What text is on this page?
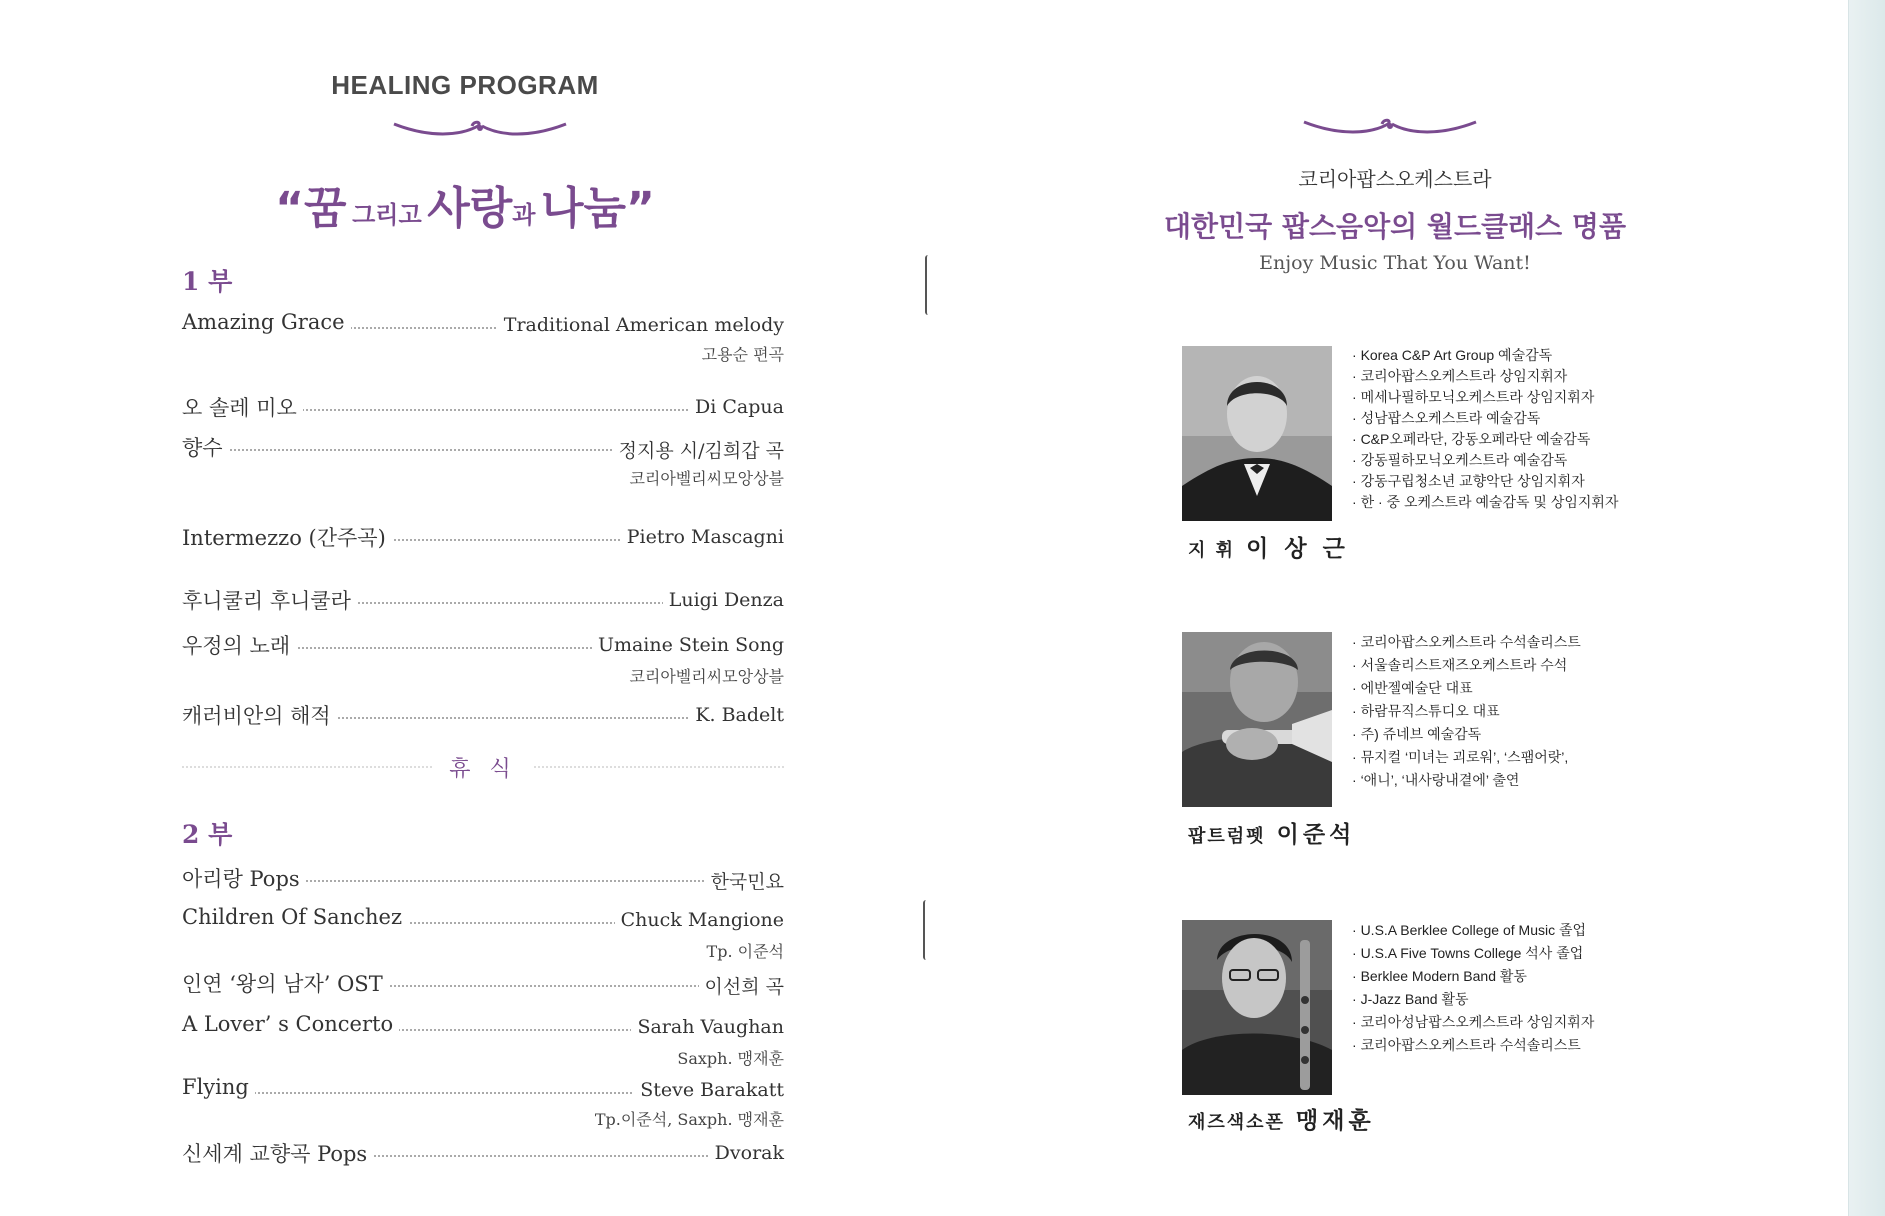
HEALING PROGRAM
“꿈 그리고 사랑과 나눔”
1 부
Amazing Grace	Traditional American melody
고용순 편곡
오 솔레 미오	Di Capua
향수	정지용 시/김희갑 곡
코리아벨리씨모앙상블
Intermezzo (간주곡)	Pietro Mascagni
후니쿨리 후니쿨라	Luigi Denza
우정의 노래	Umaine Stein Song
코리아벨리씨모앙상블
캐러비안의 해적	K. Badelt
휴 식
2 부
아리랑 Pops	한국민요
Children Of Sanchez	Chuck Mangione
Tp. 이준석
인연 ‘왕의 남자’ OST	이선희 곡
A Lover’ s Concerto	Sarah Vaughan
Saxph. 맹재훈
Flying	Steve Barakatt
Tp.이준석, Saxph. 맹재훈
신세계 교향곡 Pops	Dvorak
코리아팝스오케스트라
대한민국 팝스음악의 월드클래스 명품
Enjoy Music That You Want!
지 휘 이 상 근
· Korea C&P Art Group 예술감독
· 코리아팝스오케스트라 상임지휘자
· 메세나필하모닉오케스트라 상임지휘자
· 성남팝스오케스트라 예술감독
· C&P오페라단, 강동오페라단 예술감독
· 강동필하모닉오케스트라 예술감독
· 강동구립청소년 교향악단 상임지휘자
· 한 · 중 오케스트라 예술감독 및 상임지휘자
팝트럼펫 이준석
· 코리아팝스오케스트라 수석솔리스트
· 서울솔리스트재즈오케스트라 수석
· 에반젤예술단 대표
· 하람뮤직스튜디오 대표
· 주) 쥬네브 예술감독
· 뮤지컬 ‘미녀는 괴로워’, ‘스팸어랏’,
· ‘애니’, ‘내사랑내곁에’ 출연
재즈색소폰 맹재훈
· U.S.A Berklee College of Music 졸업
· U.S.A Five Towns College 석사 졸업
· Berklee Modern Band 활동
· J-Jazz Band 활동
· 코리아성남팝스오케스트라 상임지휘자
· 코리아팝스오케스트라 수석솔리스트
